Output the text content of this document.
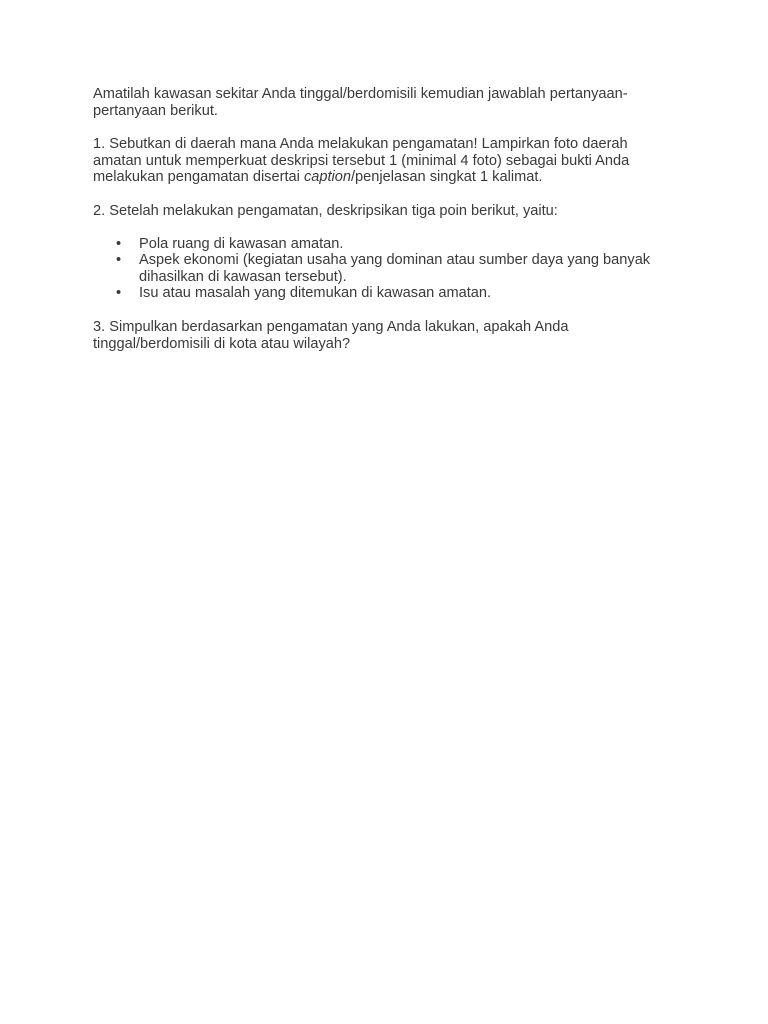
Amatilah kawasan sekitar Anda tinggal/berdomisili kemudian jawablah pertanyaan-pertanyaan berikut.

1. Sebutkan di daerah mana Anda melakukan pengamatan! Lampirkan foto daerah amatan untuk memperkuat deskripsi tersebut 1 (minimal 4 foto) sebagai bukti Anda melakukan pengamatan disertai caption/penjelasan singkat 1 kalimat.

2. Setelah melakukan pengamatan, deskripsikan tiga poin berikut, yaitu:

• Pola ruang di kawasan amatan.
• Aspek ekonomi (kegiatan usaha yang dominan atau sumber daya yang banyak dihasilkan di kawasan tersebut).
• Isu atau masalah yang ditemukan di kawasan amatan.

3. Simpulkan berdasarkan pengamatan yang Anda lakukan, apakah Anda tinggal/berdomisili di kota atau wilayah?
